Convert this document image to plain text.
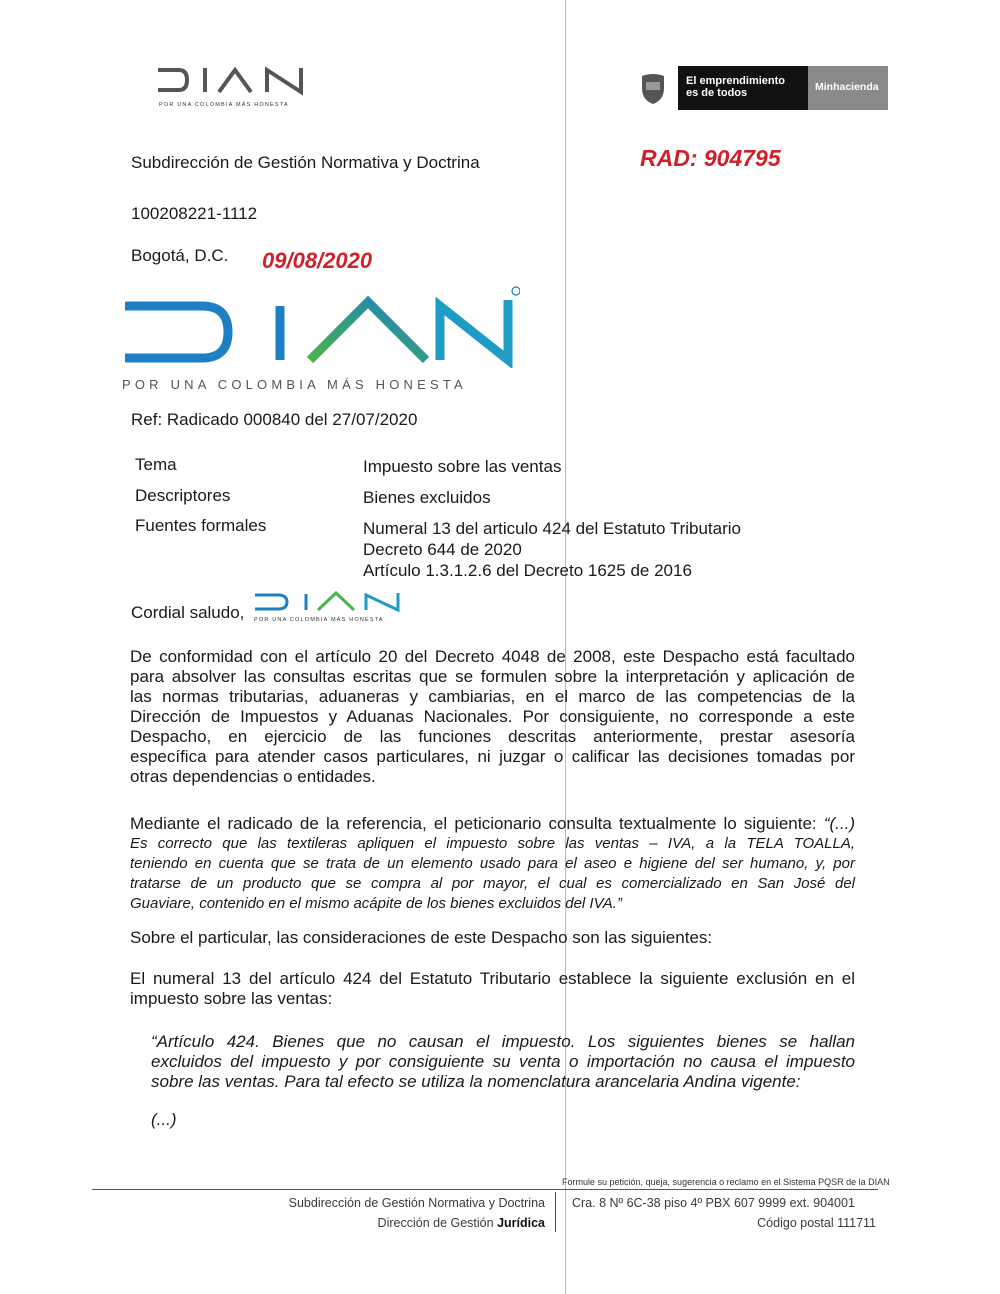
POR UNA COLOMBIA MÁS HONESTA
El emprendimiento
es de todos	Minhacienda
Subdirección de Gestión Normativa y Doctrina	RAD: 904795
100208221-1112
Bogotá, D.C. 09/08/2020
POR UNA COLOMBIA MÁS HONESTA
Ref: Radicado 000840 del 27/07/2020
Tema	Impuesto sobre las ventas
Descriptores	Bienes excluidos
Fuentes formales	Numeral 13 del articulo 424 del Estatuto Tributario
Decreto 644 de 2020
Artículo 1.3.1.2.6 del Decreto 1625 de 2016
Cordial saludo, POR UNA COLOMBIA MÁS HONESTA
De conformidad con el artículo 20 del Decreto 4048 de 2008, este Despacho está facultado
para absolver las consultas escritas que se formulen sobre la interpretación y aplicación de
las normas tributarias, aduaneras y cambiarias, en el marco de las competencias de la
Dirección de Impuestos y Aduanas Nacionales. Por consiguiente, no corresponde a este
Despacho, en ejercicio de las funciones descritas anteriormente, prestar asesoría
específica para atender casos particulares, ni juzgar o calificar las decisiones tomadas por
otras dependencias o entidades.
Mediante el radicado de la referencia, el peticionario consulta textualmente lo siguiente: “(...)
Es correcto que las textileras apliquen el impuesto sobre las ventas – IVA, a la TELA TOALLA,
teniendo en cuenta que se trata de un elemento usado para el aseo e higiene del ser humano, y, por
tratarse de un producto que se compra al por mayor, el cual es comercializado en San José del
Guaviare, contenido en el mismo acápite de los bienes excluidos del IVA.”
Sobre el particular, las consideraciones de este Despacho son las siguientes:
El numeral 13 del artículo 424 del Estatuto Tributario establece la siguiente exclusión en el
impuesto sobre las ventas:
“Artículo 424. Bienes que no causan el impuesto. Los siguientes bienes se hallan
excluidos del impuesto y por consiguiente su venta o importación no causa el impuesto
sobre las ventas. Para tal efecto se utiliza la nomenclatura arancelaria Andina vigente:
(...)
Formule su petición, queja, sugerencia o reclamo en el Sistema PQSR de la DIAN
Subdirección de Gestión Normativa y Doctrina
Dirección de Gestión Jurídica
Cra. 8 Nº 6C-38 piso 4º PBX 607 9999 ext. 904001
Código postal 111711
